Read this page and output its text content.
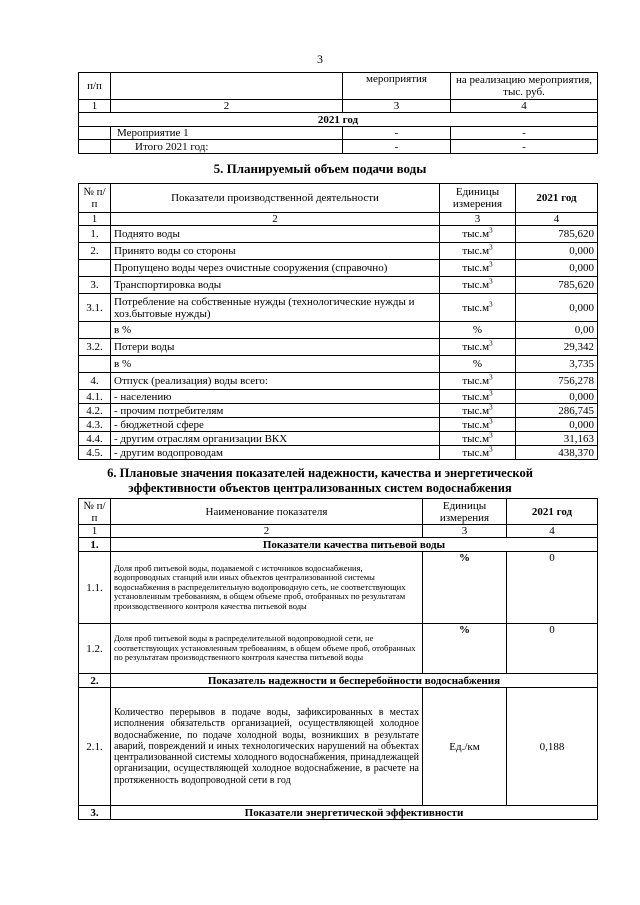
3
п/п		мероприятия	на реализацию мероприятия, тыс. руб.
1	2	3	4
2021 год			
	Мероприятие 1	-	-
	Итого 2021 год:	-	-
5. Планируемый объем подачи воды
№ п/п	Показатели производственной деятельности	Единицы измерения	2021 год
1	2	3	4
1.	Поднято воды	$тыс.м^3$	785,620
2.	Принято воды со стороны	$тыс.м^3$	0,000
	Пропущено воды через очистные сооружения (справочно)	$тыс.м^3$	0,000
3.	Транспортировка воды	$тыс.м^3$	785,620
3.1.	Потребление на собственные нужды (технологические нужды и хоз.бытовые нужды)	$тыс.м^3$	0,000
	в %	%	0,00
3.2.	Потери воды	$тыс.м^3$	29,342
	в %	%	3,735
4.	Отпуск (реализация) воды всего:	$тыс.м^3$	756,278
4.1.	- населению	$тыс.м^3$	0,000
4.2.	- прочим потребителям	$тыс.м^3$	286,745
4.3.	- бюджетной сфере	$тыс.м^3$	0,000
4.4.	- другим отраслям организации ВКХ	$тыс.м^3$	31,163
4.5.	- другим водопроводам	$тыс.м^3$	438,370
6. Плановые значения показателей надежности, качества и энергетической
эффективности объектов централизованных систем водоснабжения
№ п/п	Наименование показателя	Единицы измерения	2021 год
1	2	3	4
1.	Показатели качества питьевой воды		
1.1.	Доля проб питьевой воды, подаваемой с источников водоснабжения, водопроводных станций или иных объектов централизованной системы водоснабжения в распределительную водопроводную сеть, не соответствующих установленным требованиям, в общем объеме проб, отобранных по результатам производственного контроля качества питьевой воды	%	0
1.2.	Доля проб питьевой воды в распределительной водопроводной сети, не соответствующих установленным требованиям, в общем объеме проб, отобранных по результатам производственного контроля качества питьевой воды	%	0
2.	Показатель надежности и бесперебойности водоснабжения		
2.1.	Количество перерывов в подаче воды, зафиксированных в местах исполнения обязательств организацией, осуществляющей холодное водоснабжение, по подаче холодной воды, возникших в результате аварий, повреждений и иных технологических нарушений на объектах централизованной системы холодного водоснабжения, принадлежащей организации, осуществляющей холодное водоснабжение, в расчете на протяженность водопроводной сети в год	Ед./км	0,188
3.	Показатели энергетической эффективности		
